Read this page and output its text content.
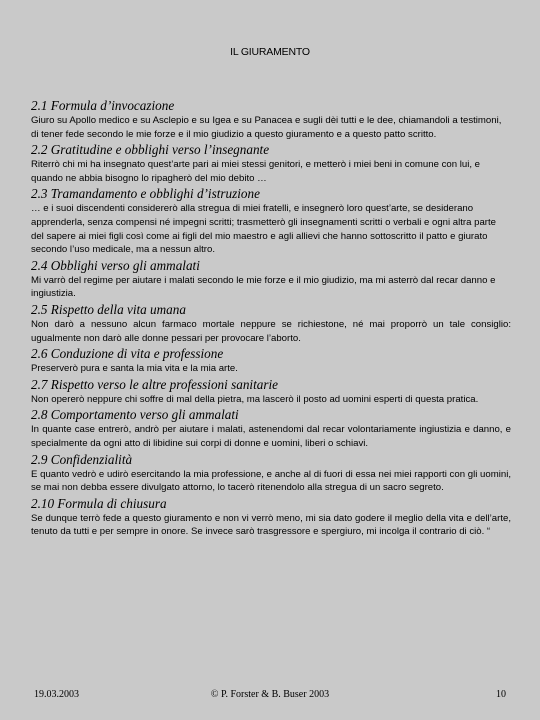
IL GIURAMENTO

2.1 Formula d’invocazione

Giuro su Apollo medico e su Asclepio e su Igea e su Panacea e sugli dèi tutti e le dee, chiamandoli a testimoni, di tener fede secondo le mie forze e il mio giudizio a questo giuramento e a questo patto scritto.

2.2 Gratitudine e obblighi verso l’insegnante

Riterrò chi mi ha insegnato quest’arte pari ai miei stessi genitori, e metterò i miei beni in comune con lui, e quando ne abbia bisogno lo ripagherò del mio debito …

2.3 Tramandamento e obblighi d’istruzione

… e i suoi discendenti considererò alla stregua di miei fratelli, e insegnerò loro quest’arte, se desiderano apprenderla, senza compensi né impegni scritti; trasmetterò gli insegnamenti scritti o verbali e ogni altra parte del sapere ai miei figli così come ai figli del mio maestro e agli allievi che hanno sottoscritto il patto e giurato secondo l’uso medicale, ma a nessun altro.

2.4 Obblighi verso gli ammalati

Mi varrò del regime per aiutare i malati secondo le mie forze e il mio giudizio, ma mi asterrò dal recar danno e ingiustizia.

2.5 Rispetto della vita umana

Non darò a nessuno alcun farmaco mortale neppure se richiestone, né mai proporrò un tale consiglio: ugualmente non darò alle donne pessari per provocare l’aborto.

2.6 Conduzione di vita e professione

Preserverò pura e santa la mia vita e la mia arte.

2.7 Rispetto verso le altre professioni sanitarie

Non opererò neppure chi soffre di mal della pietra, ma lascerò il posto ad uomini esperti di questa pratica.

2.8 Comportamento verso gli ammalati

In quante case entrerò, andrò per aiutare i malati, astenendomi dal recar volontariamente ingiustizia e danno, e specialmente da ogni atto di libidine sui corpi di donne e uomini, liberi o schiavi.

2.9 Confidenzialità

E quanto vedrò e udirò esercitando la mia professione, e anche al di fuori di essa nei miei rapporti con gli uomini, se mai non debba essere divulgato attorno, lo tacerò ritenendolo alla stregua di un sacro segreto.

2.10 Formula di chiusura

Se dunque terrò fede a questo giuramento e non vi verrò meno, mi sia dato godere il meglio della vita e dell’arte, tenuto da tutti e per sempre in onore. Se invece sarò trasgressore e spergiuro, mi incolga il contrario di ciò. “

19.03.2003	© P. Forster & B. Buser 2003	10
